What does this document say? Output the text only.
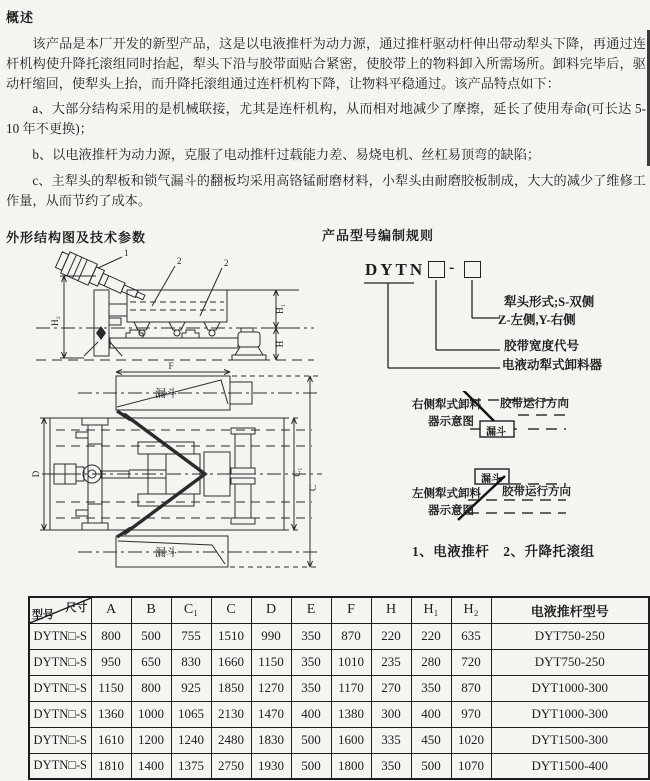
概述

该产品是本厂开发的新型产品，这是以电液推杆为动力源，通过推杆驱动杆伸出带动犁头下降，再通过连杆机构使升降托滚组同时抬起，犁头下沿与胶带面贴合紧密，使胶带上的物料卸入所需场所。卸料完毕后，驱动杆缩回，使犁头上抬，而升降托滚组通过连杆机构下降，让物料平稳通过。该产品特点如下：

a、大部分结构采用的是机械联接，尤其是连杆机构，从而相对地减少了摩擦，延长了使用寿命(可长达 5-10 年不更换)；

b、以电液推杆为动力源，克服了电动推杆过载能力差、易烧电机、丝杠易顶弯的缺陷；

c、主犁头的犁板和锁气漏斗的翻板均采用高铬锰耐磨材料，小犁头由耐磨胶板制成，大大的减少了维修工作量，从而节约了成本。

外形结构图及技术参数	产品型号编制规则
H₂
H₁
H
1
2	2
F
漏斗
漏斗
D	C₁
C
DYTN -
犁头形式;S-双侧
Z-左侧,Y-右侧
胶带宽度代号
电液动犁式卸料器
右侧犁式卸料
器示意图
胶带运行方向
漏斗
漏斗
左侧犁式卸料
器示意图
胶带运行方向
1、电液推杆　2、升降托滚组
尺寸
型号	A	B	C₁	C	D	E	F	H	H₁	H₂	电液推杆型号
DYTN□-S	800	500	755	1510	990	350	870	220	220	635	DYT750-250
DYTN□-S	950	650	830	1660	1150	350	1010	235	280	720	DYT750-250
DYTN□-S	1150	800	925	1850	1270	350	1170	270	350	870	DYT1000-300
DYTN□-S	1360	1000	1065	2130	1470	400	1380	300	400	970	DYT1000-300
DYTN□-S	1610	1200	1240	2480	1830	500	1600	335	450	1020	DYT1500-300
DYTN□-S	1810	1400	1375	2750	1930	500	1800	350	500	1070	DYT1500-400
